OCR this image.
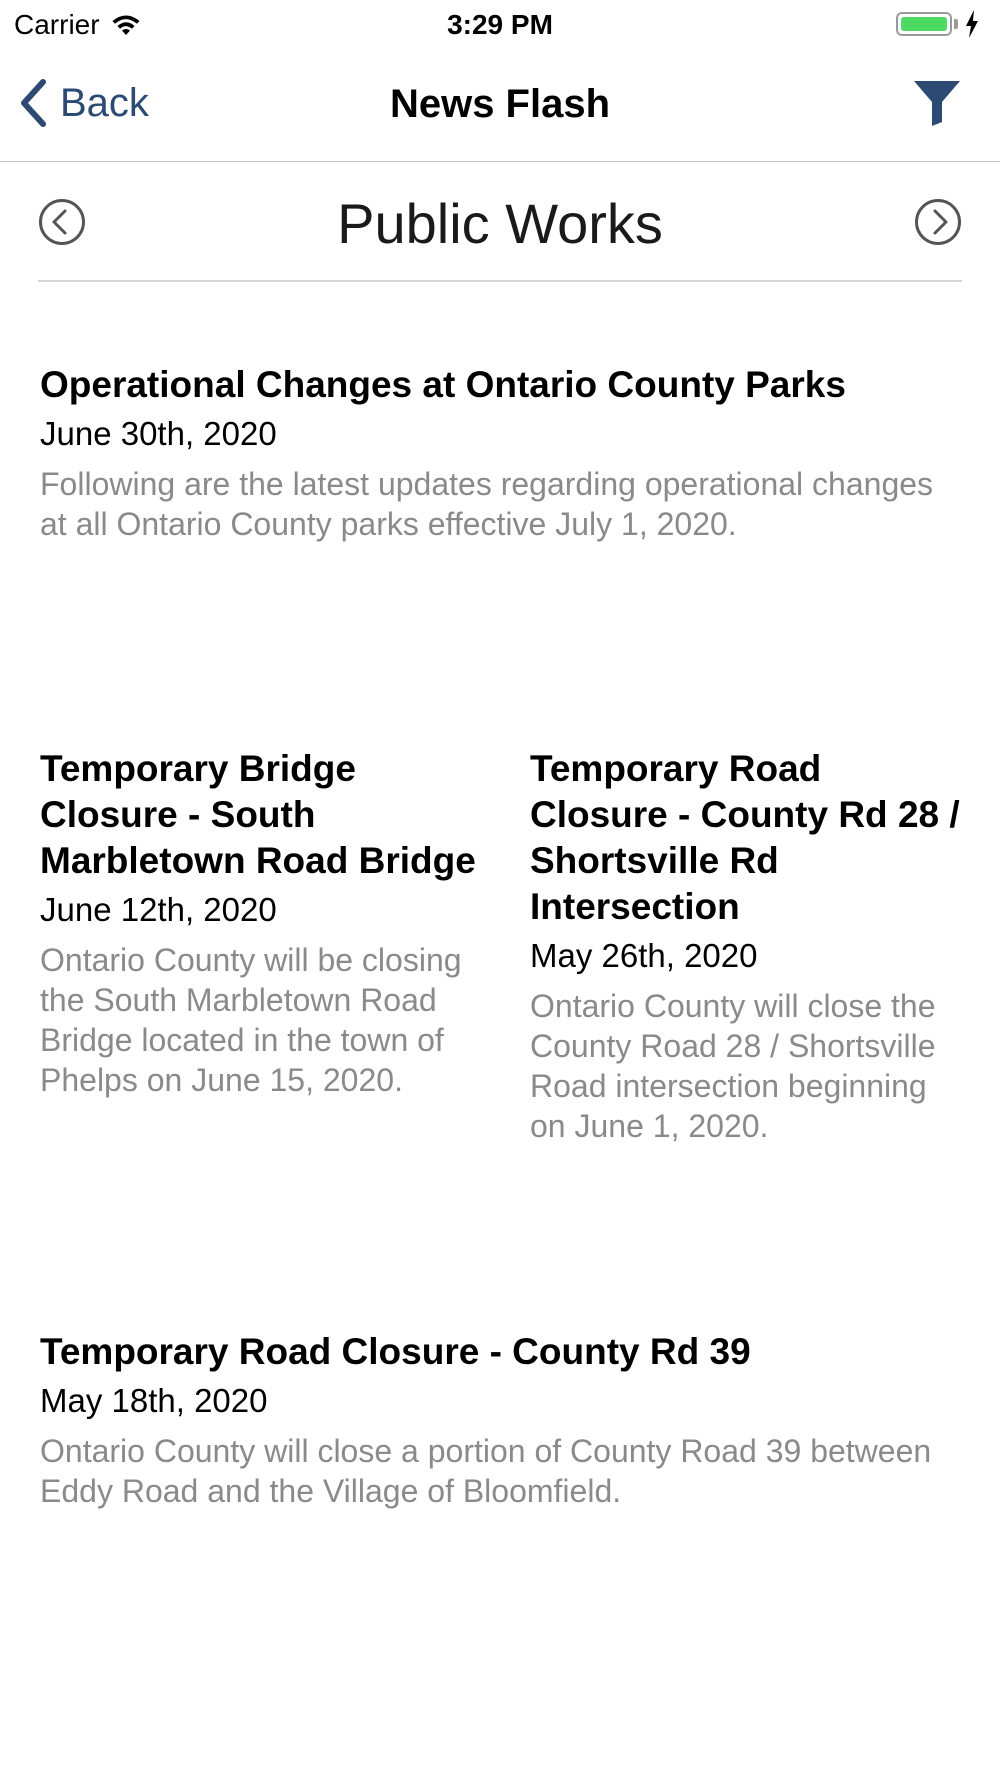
Carrier	3:29 PM
Back	News Flash
Public Works
Operational Changes at Ontario County Parks
June 30th, 2020
Following are the latest updates regarding operational changes at all Ontario County parks effective July 1, 2020.
Temporary Bridge Closure - South Marbletown Road Bridge
June 12th, 2020
Ontario County will be closing the South Marbletown Road Bridge located in the town of Phelps on June 15, 2020.
Temporary Road Closure - County Rd 28 / Shortsville Rd Intersection
May 26th, 2020
Ontario County will close the County Road 28 / Shortsville Road intersection beginning on June 1, 2020.
Temporary Road Closure - County Rd 39
May 18th, 2020
Ontario County will close a portion of County Road 39 between Eddy Road and the Village of Bloomfield.
